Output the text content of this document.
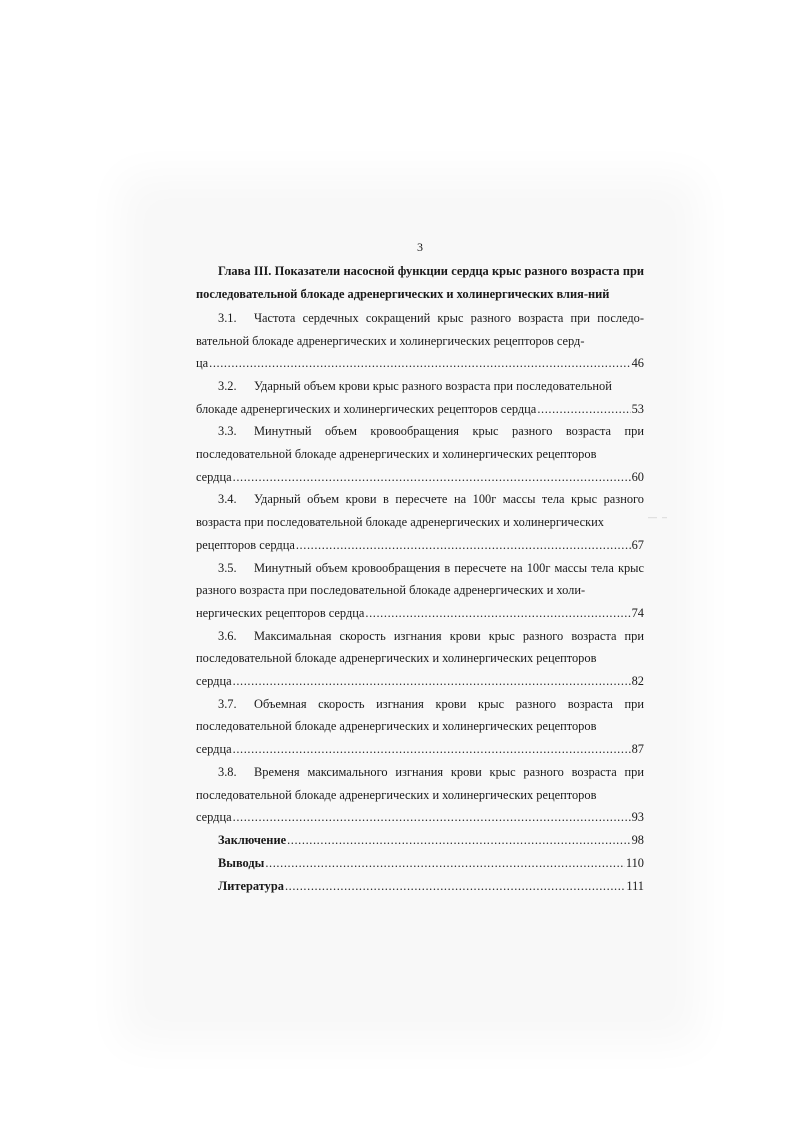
3
Глава III. Показатели насосной функции сердца крыс разного возраста при последовательной блокаде адренергических и холинергических влия-ний
3.1. Частота сердечных сокращений крыс разного возраста при последо-вательной блокаде адренергических и холинергических рецепторов серд-
ца .....	46
3.2. Ударный объем крови крыс разного возраста при последовательной
блокаде адренергических и холинергических рецепторов сердца .....	53
3.3. Минутный объем кровообращения крыс разного возраста при последовательной блокаде адренергических и холинергических рецепторов
сердца .....	60
3.4. Ударный объем крови в пересчете на 100г массы тела крыс разного возраста при последовательной блокаде адренергических и холинергических
рецепторов сердца .....	67
3.5. Минутный объем кровообращения в пересчете на 100г массы тела крыс разного возраста при последовательной блокаде адренергических и холи-
нергических рецепторов сердца .....	74
3.6. Максимальная скорость изгнания крови крыс разного возраста при последовательной блокаде адренергических и холинергических рецепторов
сердца .....	82
3.7. Объемная скорость изгнания крови крыс разного возраста при последовательной блокаде адренергических и холинергических рецепторов
сердца .....	87
3.8. Временя максимального изгнания крови крыс разного возраста при последовательной блокаде адренергических и холинергических рецепторов
сердца .....	93
Заключение .....	98
Выводы .....	110
Литература .....	111
—  –
